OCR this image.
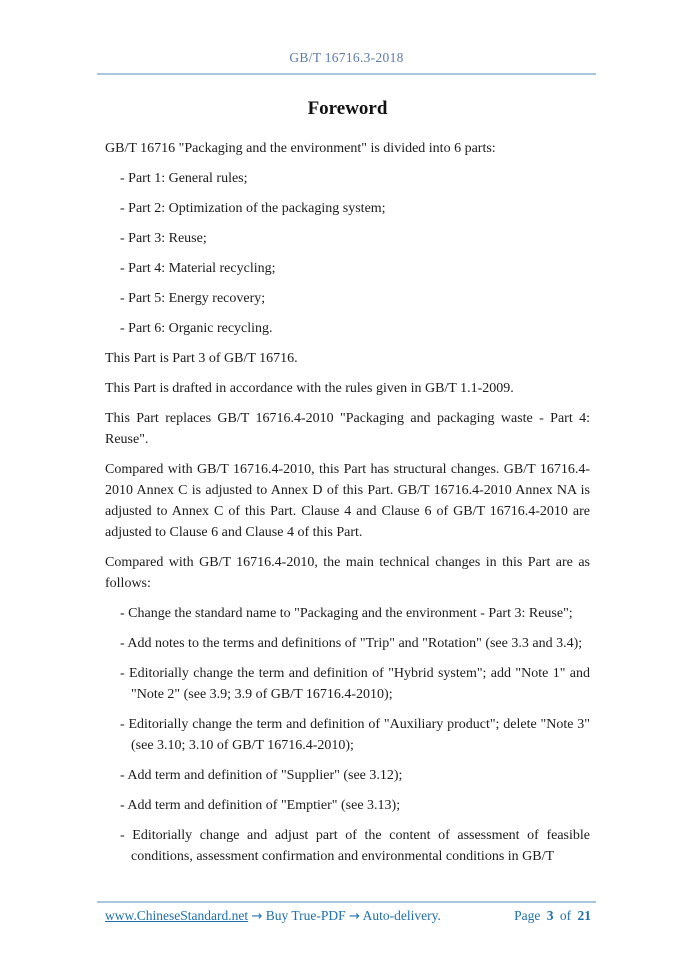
GB/T 16716.3-2018
Foreword

GB/T 16716 "Packaging and the environment" is divided into 6 parts:

- Part 1: General rules;

- Part 2: Optimization of the packaging system;

- Part 3: Reuse;

- Part 4: Material recycling;

- Part 5: Energy recovery;

- Part 6: Organic recycling.

This Part is Part 3 of GB/T 16716.

This Part is drafted in accordance with the rules given in GB/T 1.1-2009.

This Part replaces GB/T 16716.4-2010 "Packaging and packaging waste - Part 4: Reuse".

Compared with GB/T 16716.4-2010, this Part has structural changes. GB/T 16716.4-2010 Annex C is adjusted to Annex D of this Part. GB/T 16716.4-2010 Annex NA is adjusted to Annex C of this Part. Clause 4 and Clause 6 of GB/T 16716.4-2010 are adjusted to Clause 6 and Clause 4 of this Part.

Compared with GB/T 16716.4-2010, the main technical changes in this Part are as follows:

- Change the standard name to "Packaging and the environment - Part 3: Reuse";

- Add notes to the terms and definitions of "Trip" and "Rotation" (see 3.3 and 3.4);

- Editorially change the term and definition of "Hybrid system"; add "Note 1" and "Note 2" (see 3.9; 3.9 of GB/T 16716.4-2010);

- Editorially change the term and definition of "Auxiliary product"; delete "Note 3" (see 3.10; 3.10 of GB/T 16716.4-2010);

- Add term and definition of "Supplier" (see 3.12);

- Add term and definition of "Emptier" (see 3.13);

- Editorially change and adjust part of the content of assessment of feasible conditions, assessment confirmation and environmental conditions in GB/T

www.ChineseStandard.net → Buy True-PDF → Auto-delivery.	Page 3 of 21
